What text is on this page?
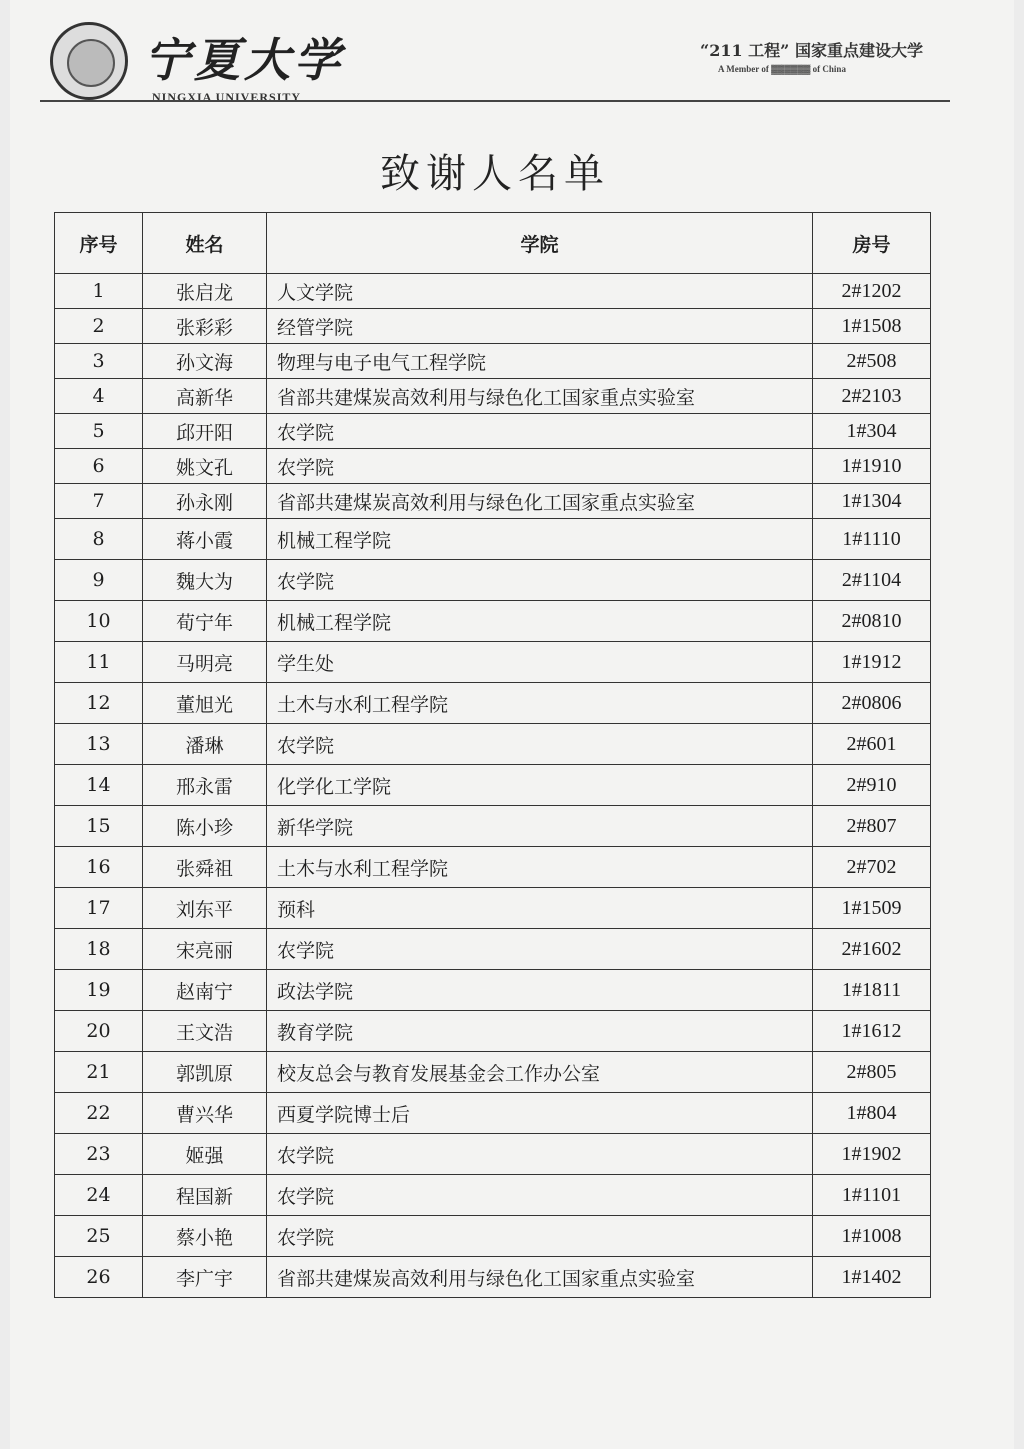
宁夏大学
NINGXIA UNIVERSITY
“211 工程” 国家重点建设大学
A Member of ▓▓▓▓▓▓ of China
致谢人名单
序号	姓名	学院	房号
1	张启龙	人文学院	2#1202
2	张彩彩	经管学院	1#1508
3	孙文海	物理与电子电气工程学院	2#508
4	高新华	省部共建煤炭高效利用与绿色化工国家重点实验室	2#2103
5	邱开阳	农学院	1#304
6	姚文孔	农学院	1#1910
7	孙永刚	省部共建煤炭高效利用与绿色化工国家重点实验室	1#1304
8	蒋小霞	机械工程学院	1#1110
9	魏大为	农学院	2#1104
10	荀宁年	机械工程学院	2#0810
11	马明亮	学生处	1#1912
12	董旭光	土木与水利工程学院	2#0806
13	潘琳	农学院	2#601
14	邢永雷	化学化工学院	2#910
15	陈小珍	新华学院	2#807
16	张舜祖	土木与水利工程学院	2#702
17	刘东平	预科	1#1509
18	宋亮丽	农学院	2#1602
19	赵南宁	政法学院	1#1811
20	王文浩	教育学院	1#1612
21	郭凯原	校友总会与教育发展基金会工作办公室	2#805
22	曹兴华	西夏学院博士后	1#804
23	姬强	农学院	1#1902
24	程国新	农学院	1#1101
25	蔡小艳	农学院	1#1008
26	李广宇	省部共建煤炭高效利用与绿色化工国家重点实验室	1#1402
